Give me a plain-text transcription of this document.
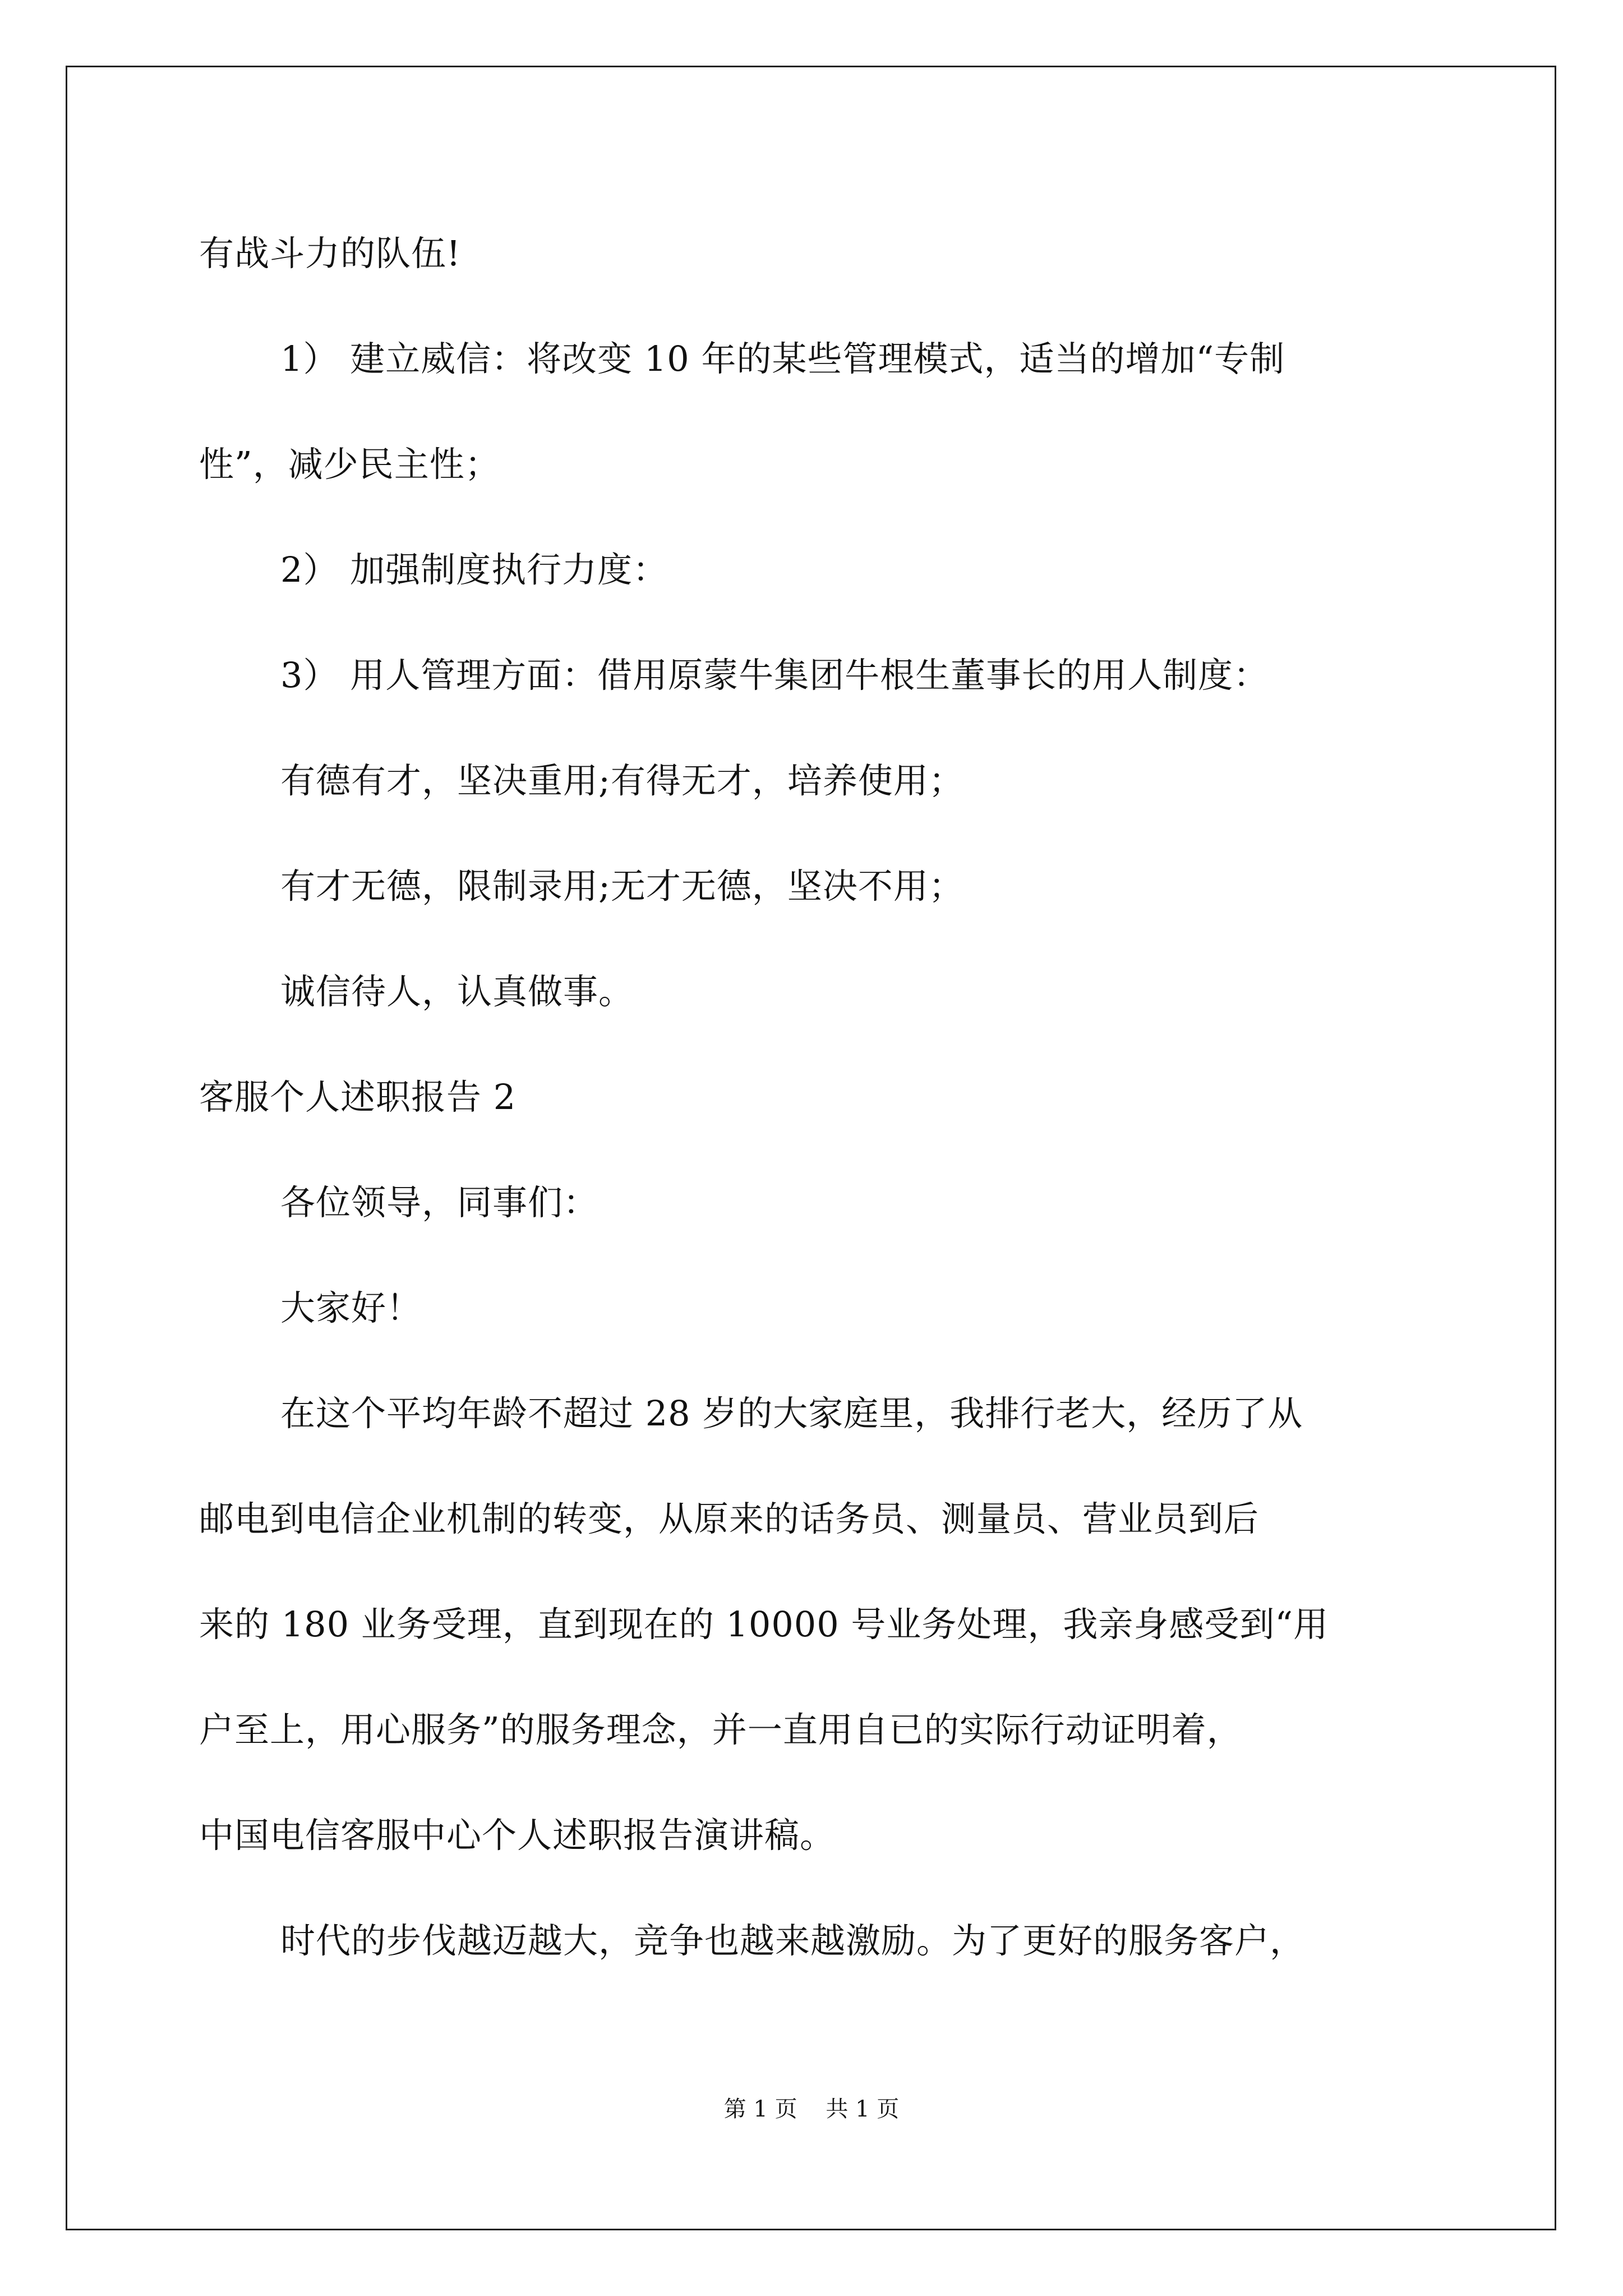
有战斗力的队伍!
1） 建立威信：将改变 10 年的某些管理模式，适当的增加“专制
性”，减少民主性；
2） 加强制度执行力度：
3） 用人管理方面：借用原蒙牛集团牛根生董事长的用人制度：
有德有才，坚决重用;有得无才，培养使用；
有才无德，限制录用;无才无德，坚决不用；
诚信待人，认真做事。
客服个人述职报告 2
各位领导，同事们：
大家好！
在这个平均年龄不超过 28 岁的大家庭里，我排行老大，经历了从
邮电到电信企业机制的转变，从原来的话务员、测量员、营业员到后
来的 180 业务受理，直到现在的 10000 号业务处理，我亲身感受到“用
户至上，用心服务”的服务理念，并一直用自已的实际行动证明着，
中国电信客服中心个人述职报告演讲稿。
时代的步伐越迈越大，竞争也越来越激励。为了更好的服务客户，
第 1 页    共 1 页
